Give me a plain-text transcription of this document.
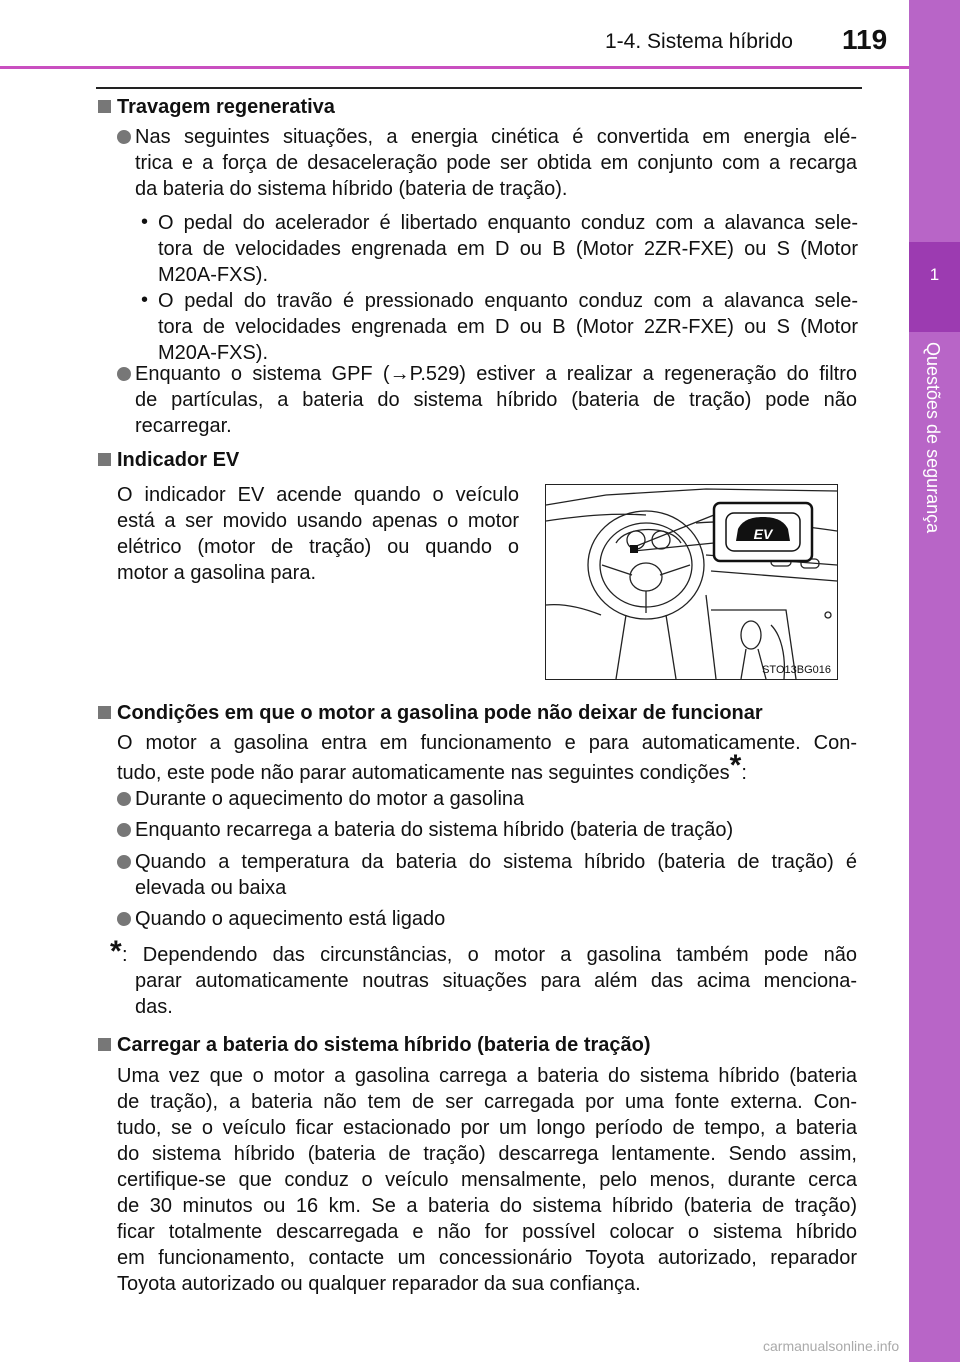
1-4. Sistema híbrido 119
1
Questões de segurança
Travagem regenerativa
Nas seguintes situações, a energia cinética é convertida em energia elé-
trica e a força de desaceleração pode ser obtida em conjunto com a recarga
da bateria do sistema híbrido (bateria de tração).
• O pedal do acelerador é libertado enquanto conduz com a alavanca sele-
tora de velocidades engrenada em D ou B (Motor 2ZR-FXE) ou S (Motor
M20A-FXS).
• O pedal do travão é pressionado enquanto conduz com a alavanca sele-
tora de velocidades engrenada em D ou B (Motor 2ZR-FXE) ou S (Motor
M20A-FXS).
Enquanto o sistema GPF (→P.529) estiver a realizar a regeneração do filtro
de partículas, a bateria do sistema híbrido (bateria de tração) pode não
recarregar.
Indicador EV
O indicador EV acende quando o veículo
está a ser movido usando apenas o motor
elétrico (motor de tração) ou quando o
motor a gasolina para.
EV
STO13BG016
Condições em que o motor a gasolina pode não deixar de funcionar
O motor a gasolina entra em funcionamento e para automaticamente. Con-
tudo, este pode não parar automaticamente nas seguintes condições*:
Durante o aquecimento do motor a gasolina
Enquanto recarrega a bateria do sistema híbrido (bateria de tração)
Quando a temperatura da bateria do sistema híbrido (bateria de tração) é
elevada ou baixa
Quando o aquecimento está ligado
* : Dependendo das circunstâncias, o motor a gasolina também pode não
parar automaticamente noutras situações para além das acima menciona-
das.
Carregar a bateria do sistema híbrido (bateria de tração)
Uma vez que o motor a gasolina carrega a bateria do sistema híbrido (bateria
de tração), a bateria não tem de ser carregada por uma fonte externa. Con-
tudo, se o veículo ficar estacionado por um longo período de tempo, a bateria
do sistema híbrido (bateria de tração) descarrega lentamente. Sendo assim,
certifique-se que conduz o veículo mensalmente, pelo menos, durante cerca
de 30 minutos ou 16 km. Se a bateria do sistema híbrido (bateria de tração)
ficar totalmente descarregada e não for possível colocar o sistema híbrido
em funcionamento, contacte um concessionário Toyota autorizado, reparador
Toyota autorizado ou qualquer reparador da sua confiança.
carmanualsonline.info
